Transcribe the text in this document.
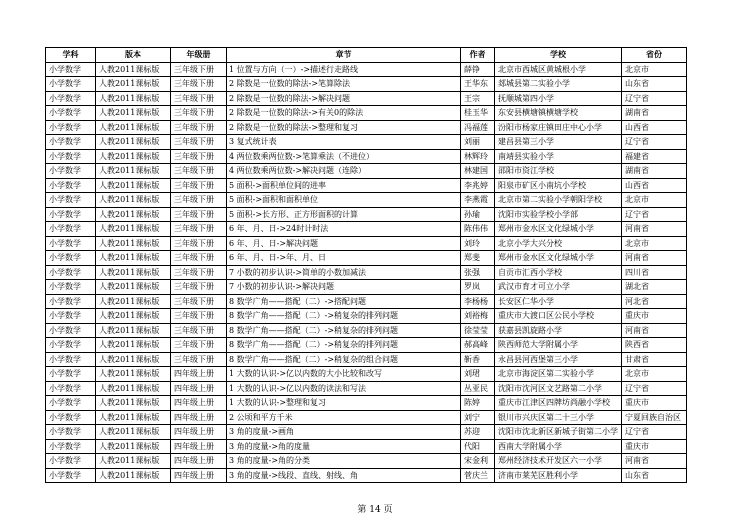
学科	版本	年级册	章节	作者	学校	省份
小学数学	人教2011课标版	三年级下册	1 位置与方向（一）->描述行走路线	薛铮	北京市西城区黄城根小学	北京市
小学数学	人教2011课标版	三年级下册	2 除数是一位数的除法->笔算除法	王华东	郯城县第二实验小学	山东省
小学数学	人教2011课标版	三年级下册	2 除数是一位数的除法->解决问题	王宗	抚顺城第四小学	辽宁省
小学数学	人教2011课标版	三年级下册	2 除数是一位数的除法->有关0的除法	桂玉华	东安县横塘镇横塘学校	湖南省
小学数学	人教2011课标版	三年级下册	2 除数是一位数的除法->整理和复习	冯福莲	汾阳市杨家庄镇田庄中心小学	山西省
小学数学	人教2011课标版	三年级下册	3 复式统计表	刘丽	建昌县第三小学	辽宁省
小学数学	人教2011课标版	三年级下册	4 两位数乘两位数->笔算乘法（不进位）	林辉玲	南靖县实验小学	福建省
小学数学	人教2011课标版	三年级下册	4 两位数乘两位数->解决问题（连除）	林建国	邵阳市资江学校	湖南省
小学数学	人教2011课标版	三年级下册	5 面积->面积单位间的进率	李兆婷	阳泉市矿区小南坑小学校	山西省
小学数学	人教2011课标版	三年级下册	5 面积->面积和面积单位	李燕霞	北京市第二实验小学朝阳学校	北京市
小学数学	人教2011课标版	三年级下册	5 面积->长方形、正方形面积的计算	孙瑜	沈阳市实验学校小学部	辽宁省
小学数学	人教2011课标版	三年级下册	6 年、月、日->24时计时法	陈伟伟	郑州市金水区文化绿城小学	河南省
小学数学	人教2011课标版	三年级下册	6 年、月、日->解决问题	刘玲	北京小学大兴分校	北京市
小学数学	人教2011课标版	三年级下册	6 年、月、日->年、月、日	郑斐	郑州市金水区文化绿城小学	河南省
小学数学	人教2011课标版	三年级下册	7 小数的初步认识->简单的小数加减法	张强	自贡市汇西小学校	四川省
小学数学	人教2011课标版	三年级下册	7 小数的初步认识->解决问题	罗岚	武汉市育才可立小学	湖北省
小学数学	人教2011课标版	三年级下册	8 数学广角——搭配（二）->搭配问题	李杨杨	长安区仁华小学	河北省
小学数学	人教2011课标版	三年级下册	8 数学广角——搭配（二）->稍复杂的排列问题	刘裕梅	重庆市大渡口区公民小学校	重庆市
小学数学	人教2011课标版	三年级下册	8 数学广角——搭配（二）->稍复杂的排列问题	徐莹莹	获嘉县凯旋路小学	河南省
小学数学	人教2011课标版	三年级下册	8 数学广角——搭配（二）->稍复杂的排列问题	郝高峰	陕西师范大学附属小学	陕西省
小学数学	人教2011课标版	三年级下册	8 数学广角——搭配（二）->稍复杂的组合问题	靳香	永昌县河西堡第三小学	甘肃省
小学数学	人教2011课标版	四年级上册	1 大数的认识->亿以内数的大小比较和改写	刘珺	北京市海淀区第二实验小学	北京市
小学数学	人教2011课标版	四年级上册	1 大数的认识->亿以内数的读法和写法	丛亚民	沈阳市沈河区文艺路第二小学	辽宁省
小学数学	人教2011课标版	四年级上册	1 大数的认识->整理和复习	陈婷	重庆市江津区四牌坊尚融小学校	重庆市
小学数学	人教2011课标版	四年级上册	2 公顷和平方千米	刘宁	银川市兴庆区第二十三小学	宁夏回族自治区
小学数学	人教2011课标版	四年级上册	3 角的度量->画角	苏迎	沈阳市沈北新区新城子街第二小学	辽宁省
小学数学	人教2011课标版	四年级上册	3 角的度量->角的度量	代阳	西南大学附属小学	重庆市
小学数学	人教2011课标版	四年级上册	3 角的度量->角的分类	宋金利	郑州经济技术开发区六一小学	河南省
小学数学	人教2011课标版	四年级上册	3 角的度量->线段、直线、射线、角	菅庆兰	济南市莱芜区胜利小学	山东省
第 14 页
